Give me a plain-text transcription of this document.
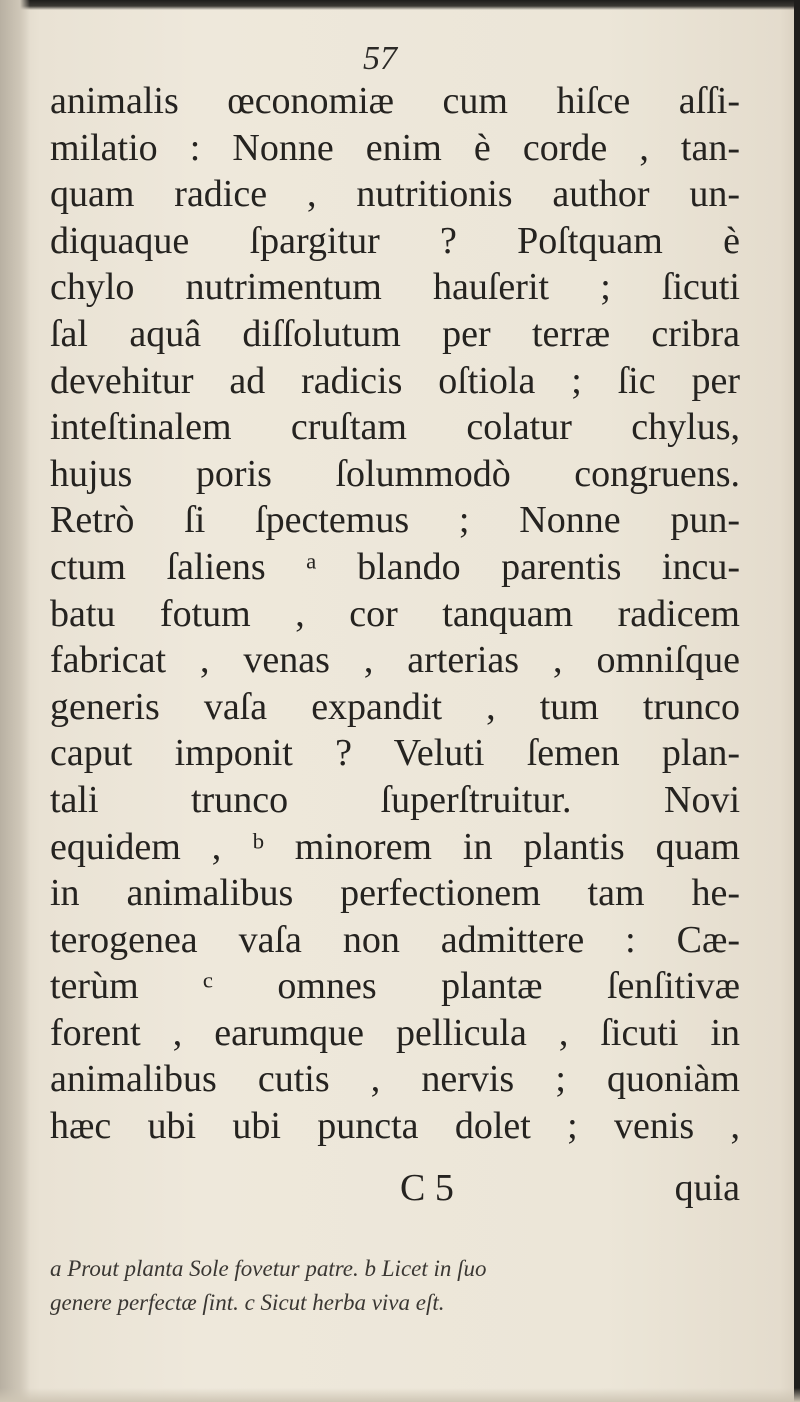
57
animalis œconomiæ cum hiſce aſſi-
milatio : Nonne enim è corde , tan-
quam radice , nutritionis author un-
diquaque ſpargitur ? Poſtquam è
chylo nutrimentum hauſerit ; ſicuti
ſal aquâ diſſolutum per terræ cribra
devehitur ad radicis oſtiola ; ſic per
inteſtinalem cruſtam colatur chylus,
hujus poris ſolummodò congruens.
Retrò ſi ſpectemus ; Nonne pun-
ctum ſaliens ᵃ blando parentis incu-
batu fotum , cor tanquam radicem
fabricat , venas , arterias , omniſque
generis vaſa expandit , tum trunco
caput imponit ? Veluti ſemen plan-
tali trunco ſuperſtruitur. Novi
equidem , ᵇ minorem in plantis quam
in animalibus perfectionem tam he-
terogenea vaſa non admittere : Cæ-
terùm ᶜ omnes plantæ ſenſitivæ
forent , earumque pellicula , ſicuti in
animalibus cutis , nervis ; quoniàm
hæc ubi ubi puncta dolet ; venis ,
C 5	quia
a Prout planta Sole fovetur patre. b Licet in ſuo
genere perfectæ ſint. c Sicut herba viva eſt.
